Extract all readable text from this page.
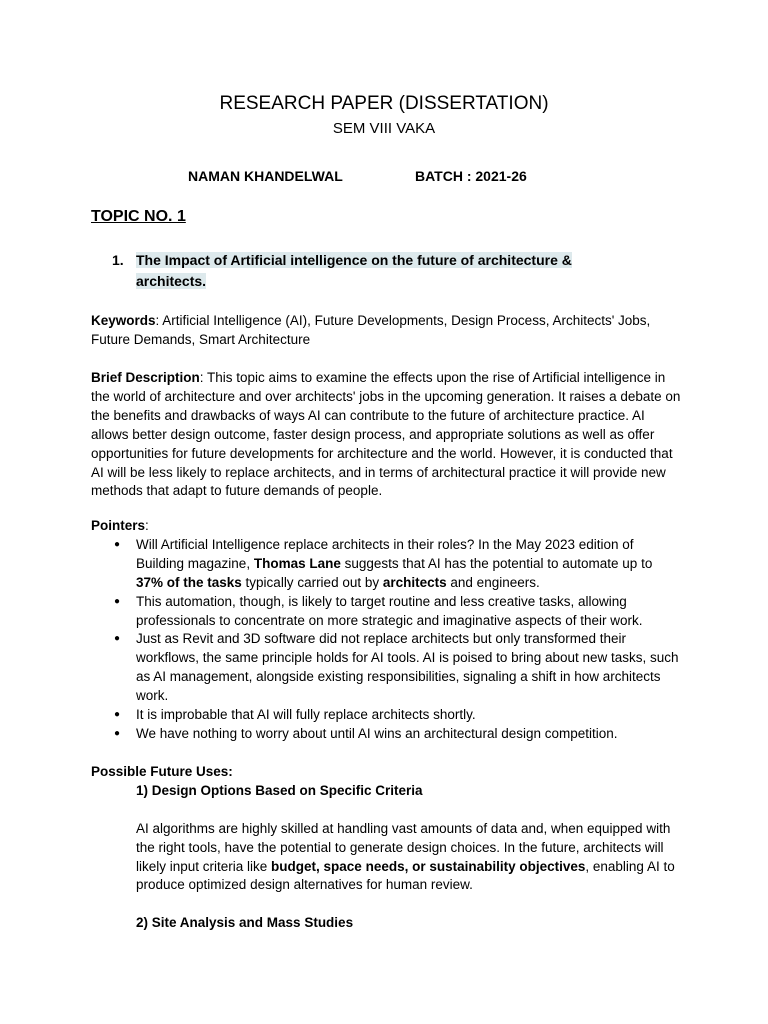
RESEARCH PAPER (DISSERTATION)
SEM VIII VAKA
NAMAN KHANDELWAL	BATCH : 2021-26
TOPIC NO. 1
1. The Impact of Artificial intelligence on the future of architecture & architects.

Keywords: Artificial Intelligence (AI), Future Developments, Design Process, Architects' Jobs, Future Demands, Smart Architecture

Brief Description: This topic aims to examine the effects upon the rise of Artificial intelligence in the world of architecture and over architects' jobs in the upcoming generation. It raises a debate on the benefits and drawbacks of ways AI can contribute to the future of architecture practice. AI allows better design outcome, faster design process, and appropriate solutions as well as offer opportunities for future developments for architecture and the world. However, it is conducted that AI will be less likely to replace architects, and in terms of architectural practice it will provide new methods that adapt to future demands of people.

Pointers:

● Will Artificial Intelligence replace architects in their roles? In the May 2023 edition of Building magazine, Thomas Lane suggests that AI has the potential to automate up to 37% of the tasks typically carried out by architects and engineers.
● This automation, though, is likely to target routine and less creative tasks, allowing professionals to concentrate on more strategic and imaginative aspects of their work.
● Just as Revit and 3D software did not replace architects but only transformed their workflows, the same principle holds for AI tools. AI is poised to bring about new tasks, such as AI management, alongside existing responsibilities, signaling a shift in how architects work.
● It is improbable that AI will fully replace architects shortly.
● We have nothing to worry about until AI wins an architectural design competition.

Possible Future Uses:

1) Design Options Based on Specific Criteria

AI algorithms are highly skilled at handling vast amounts of data and, when equipped with the right tools, have the potential to generate design choices. In the future, architects will likely input criteria like budget, space needs, or sustainability objectives, enabling AI to produce optimized design alternatives for human review.

2) Site Analysis and Mass Studies
